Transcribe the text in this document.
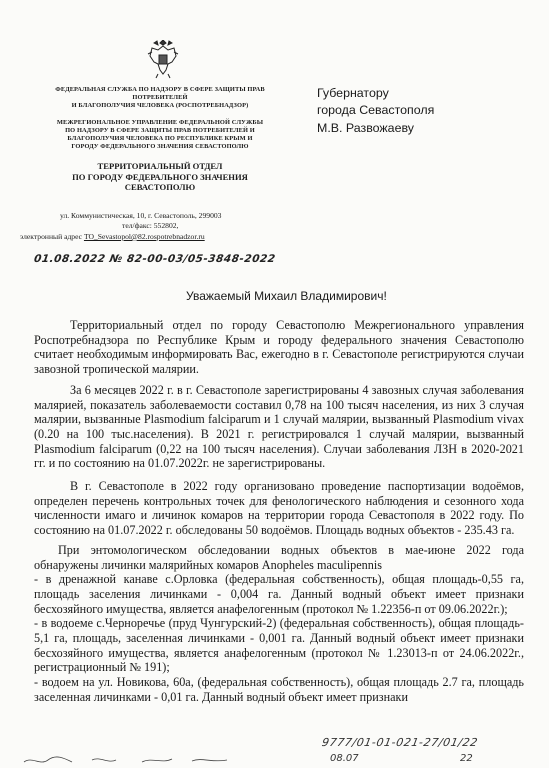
ФЕДЕРАЛЬНАЯ СЛУЖБА ПО НАДЗОРУ В СФЕРЕ ЗАЩИТЫ ПРАВ
ПОТРЕБИТЕЛЕЙ
И БЛАГОПОЛУЧИЯ ЧЕЛОВЕКА (РОСПОТРЕБНАДЗОР)
МЕЖРЕГИОНАЛЬНОЕ УПРАВЛЕНИЕ ФЕДЕРАЛЬНОЙ СЛУЖБЫ
ПО НАДЗОРУ В СФЕРЕ ЗАЩИТЫ ПРАВ ПОТРЕБИТЕЛЕЙ И
БЛАГОПОЛУЧИЯ ЧЕЛОВЕКА ПО РЕСПУБЛИКЕ КРЫМ И
ГОРОДУ ФЕДЕРАЛЬНОГО ЗНАЧЕНИЯ СЕВАСТОПОЛЮ
ТЕРРИТОРИАЛЬНЫЙ ОТДЕЛ
ПО ГОРОДУ ФЕДЕРАЛЬНОГО ЗНАЧЕНИЯ
СЕВАСТОПОЛЮ
ул. Коммунистическая, 10, г. Севастополь, 299003
тел/факс: 552802,
электронный адрес TO_Sevastopol@82.rospotrebnadzor.ru
Губернатору
города Севастополя
М.В. Развожаеву
01.08.2022 № 82-00-03/05-3848-2022
Уважаемый Михаил Владимирович!

Территориальный отдел по городу Севастополю Межрегионального управления Роспотребнадзора по Республике Крым и городу федерального значения Севастополю считает необходимым информировать Вас, ежегодно в г. Севастополе регистрируются случаи завозной тропической малярии.

За 6 месяцев 2022 г. в г. Севастополе зарегистрированы 4 завозных случая заболевания малярией, показатель заболеваемости составил 0,78 на 100 тысяч населения, из них 3 случая малярии, вызванные Plasmodium falciparum и 1 случай малярии, вызванный Plasmodium vivax (0.20 на 100 тыс.населения). В 2021 г. регистрировался 1 случай малярии, вызванный Plasmodium falciparum (0,22 на 100 тысяч населения). Случаи заболевания ЛЗН в 2020-2021 гг. и по состоянию на 01.07.2022г. не зарегистрированы.

В г. Севастополе в 2022 году организовано проведение паспортизации водоёмов, определен перечень контрольных точек для фенологического наблюдения и сезонного хода численности имаго и личинок комаров на территории города Севастополя в 2022 году. По состоянию на 01.07.2022 г. обследованы 50 водоёмов. Площадь водных объектов - 235.43 га.

При энтомологическом обследовании водных объектов в мае-июне 2022 года обнаружены личинки малярийных комаров Anopheles maculipennis

- в дренажной канаве с.Орловка (федеральная собственность), общая площадь-0,55 га, площадь заселения личинками - 0,004 га. Данный водный объект имеет признаки бесхозяйного имущества, является анафелогенным (протокол № 1.22356-п от 09.06.2022г.);

- в водоеме с.Черноречье (пруд Чунгурский-2) (федеральная собственность), общая площадь- 5,1 га, площадь, заселенная личинками - 0,001 га. Данный водный объект имеет признаки бесхозяйного имущества, является анафелогенным (протокол № 1.23013-п от 24.06.2022г., регистрационный № 191);

- водоем на ул. Новикова, 60а, (федеральная собственность), общая площадь 2.7 га, площадь заселенная личинками - 0,01 га. Данный водный объект имеет признаки

9777/01-01-021-27/01/22
08.07	22
